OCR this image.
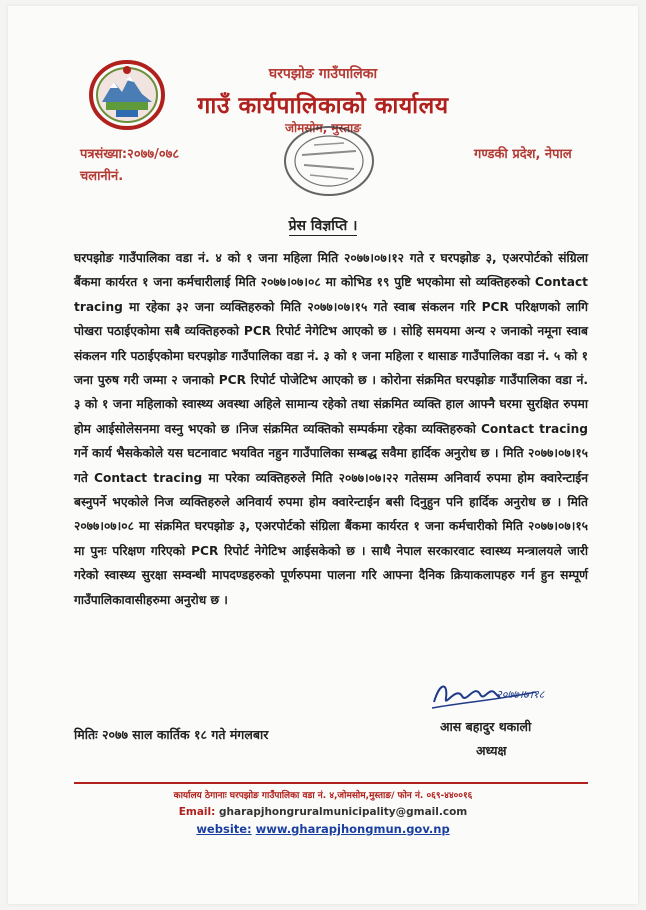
घरपझोङ गाउँपालिका
गाउँ कार्यपालिकाको कार्यालय
जोमसोम, मुस्ताङ
पत्रसंख्या:२०७७/०७८
चलानीनं.
गण्डकी प्रदेश, नेपाल
प्रेस विज्ञप्ति ।
घरपझोङ गाउँपालिका वडा नं. ४ को १ जना महिला मिति २०७७।०७।१२ गते र घरपझोङ ३, एअरपोर्टको संग्रिला बैंकमा कार्यरत १ जना कर्मचारीलाई मिति २०७७।०७।०८ मा कोभिड १९ पुष्टि भएकोमा सो व्यक्तिहरुको Contact tracing मा रहेका ३२ जना व्यक्तिहरुको मिति २०७७।०७।१५ गते स्वाब संकलन गरि PCR परिक्षणको लागि पोखरा पठाईएकोमा सबै व्यक्तिहरुको PCR रिपोर्ट नेगेटिभ आएको छ । सोहि समयमा अन्य २ जनाको नमूना स्वाब संकलन गरि पठाईएकोमा घरपझोङ गाउँपालिका वडा नं. ३ को १ जना महिला र थासाङ गाउँपालिका वडा नं. ५ को १ जना पुरुष गरी जम्मा २ जनाको PCR रिपोर्ट पोजेटिभ आएको छ । कोरोना संक्रमित घरपझोङ गाउँपालिका वडा नं. ३ को १ जना महिलाको स्वास्थ्य अवस्था अहिले सामान्य रहेको तथा संक्रमित व्यक्ति हाल आफ्नै घरमा सुरक्षित रुपमा होम आईसोलेसनमा वस्नु भएको छ ।निज संक्रमित व्यक्तिको सम्पर्कमा रहेका व्यक्तिहरुको Contact tracing गर्ने कार्य भैसकेकोले यस घटनावाट भयवित नहुन गाउँपालिका सम्बद्ध सवैमा हार्दिक अनुरोध छ । मिति २०७७।०७।१५ गते Contact tracing मा परेका व्यक्तिहरुले मिति २०७७।०७।२२ गतेसम्म अनिवार्य रुपमा होम क्वारेन्टाईन बस्नुपर्ने भएकोले निज व्यक्तिहरुले अनिवार्य रुपमा होम क्वारेन्टाईन बसी दिनुहुन पनि हार्दिक अनुरोध छ । मिति २०७७।०७।०८ मा संक्रमित घरपझोङ ३, एअरपोर्टको संग्रिला बैंकमा कार्यरत १ जना कर्मचारीको मिति २०७७।०७।१५ मा पुनः परिक्षण गरिएको PCR रिपोर्ट नेगेटिभ आईसकेको छ । साथै नेपाल सरकारवाट स्वास्थ्य मन्त्रालयले जारी गरेको स्वास्थ्य सुरक्षा सम्वन्धी मापदण्डहरुको पूर्णरुपमा पालना गरि आफ्ना दैनिक क्रियाकलापहरु गर्न हुन सम्पूर्ण गाउँपालिकावासीहरुमा अनुरोध छ ।
२०७७।७।१८
आस बहादुर थकाली
अध्यक्ष
मितिः २०७७ साल कार्तिक १८ गते मंगलबार
कार्यालय ठेगानाः घरपझोङ गाउँपालिका वडा नं. ४,जोमसोम,मुस्ताङ/ फोन नं. ०६९-४४००१६
Email: gharapjhongruralmunicipality@gmail.com
website: www.gharapjhongmun.gov.np
